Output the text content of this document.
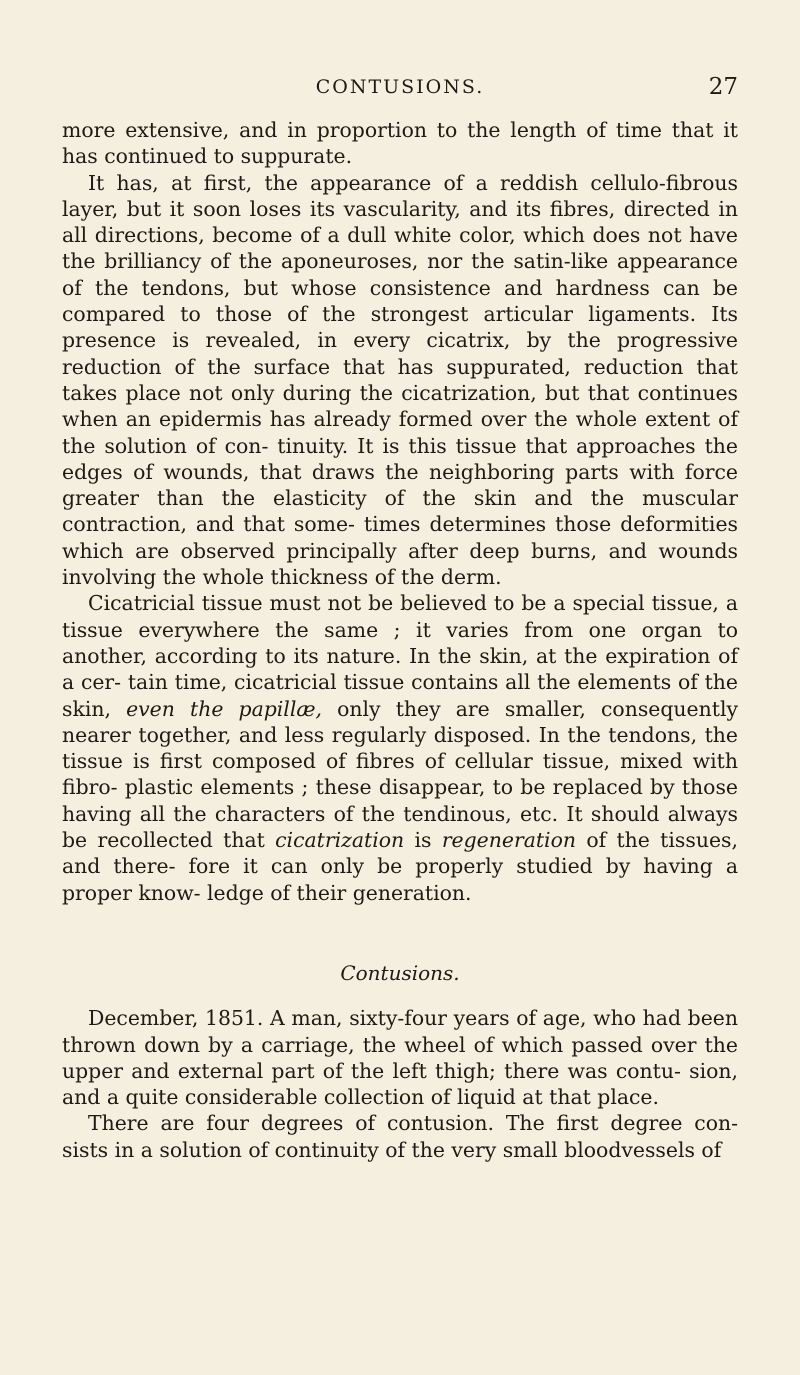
CONTUSIONS.	27

more extensive, and in proportion to the length of time that it has continued to suppurate.

It has, at first, the appearance of a reddish cellulo-fibrous layer, but it soon loses its vascularity, and its fibres, directed in all directions, become of a dull white color, which does not have the brilliancy of the aponeuroses, nor the satin-like appearance of the tendons, but whose consistence and hardness can be compared to those of the strongest articular ligaments. Its presence is revealed, in every cicatrix, by the progressive reduction of the surface that has suppurated, reduction that takes place not only during the cicatrization, but that continues when an epidermis has already formed over the whole extent of the solution of con- tinuity. It is this tissue that approaches the edges of wounds, that draws the neighboring parts with force greater than the elasticity of the skin and the muscular contraction, and that some- times determines those deformities which are observed principally after deep burns, and wounds involving the whole thickness of the derm.

Cicatricial tissue must not be believed to be a special tissue, a tissue everywhere the same ; it varies from one organ to another, according to its nature. In the skin, at the expiration of a cer- tain time, cicatricial tissue contains all the elements of the skin, even the papillæ, only they are smaller, consequently nearer together, and less regularly disposed. In the tendons, the tissue is first composed of fibres of cellular tissue, mixed with fibro- plastic elements ; these disappear, to be replaced by those having all the characters of the tendinous, etc. It should always be recollected that cicatrization is regeneration of the tissues, and there- fore it can only be properly studied by having a proper know- ledge of their generation.

Contusions.

December, 1851. A man, sixty-four years of age, who had been thrown down by a carriage, the wheel of which passed over the upper and external part of the left thigh; there was contu- sion, and a quite considerable collection of liquid at that place.

There are four degrees of contusion. The first degree con- sists in a solution of continuity of the very small bloodvessels of
